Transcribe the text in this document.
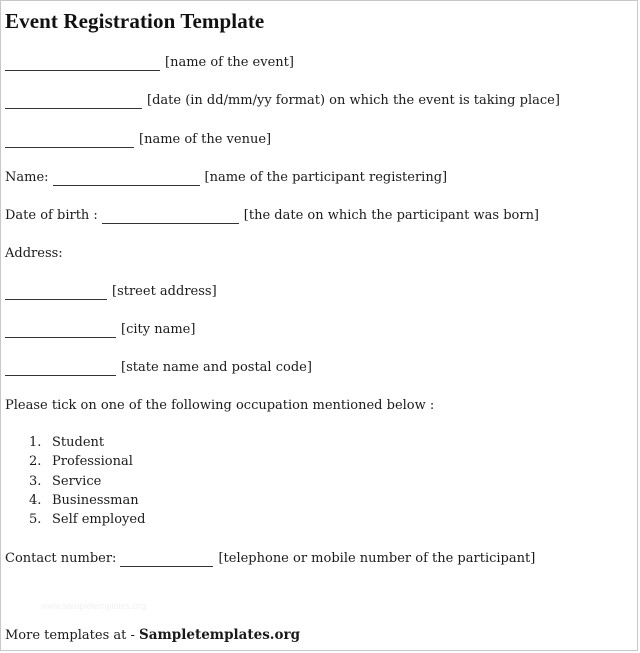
Event Registration Template
[name of the event]
[date (in dd/mm/yy format) on which the event is taking place]
[name of the venue]
Name:	[name of the participant registering]
Date of birth :	[the date on which the participant was born]
Address:
[street address]
[city name]
[state name and postal code]
Please tick on one of the following occupation mentioned below :
1. Student
2. Professional
3. Service
4. Businessman
5. Self employed
Contact number:	[telephone or mobile number of the participant]
www.sampletemplates.org
More templates at - Sampletemplates.org
